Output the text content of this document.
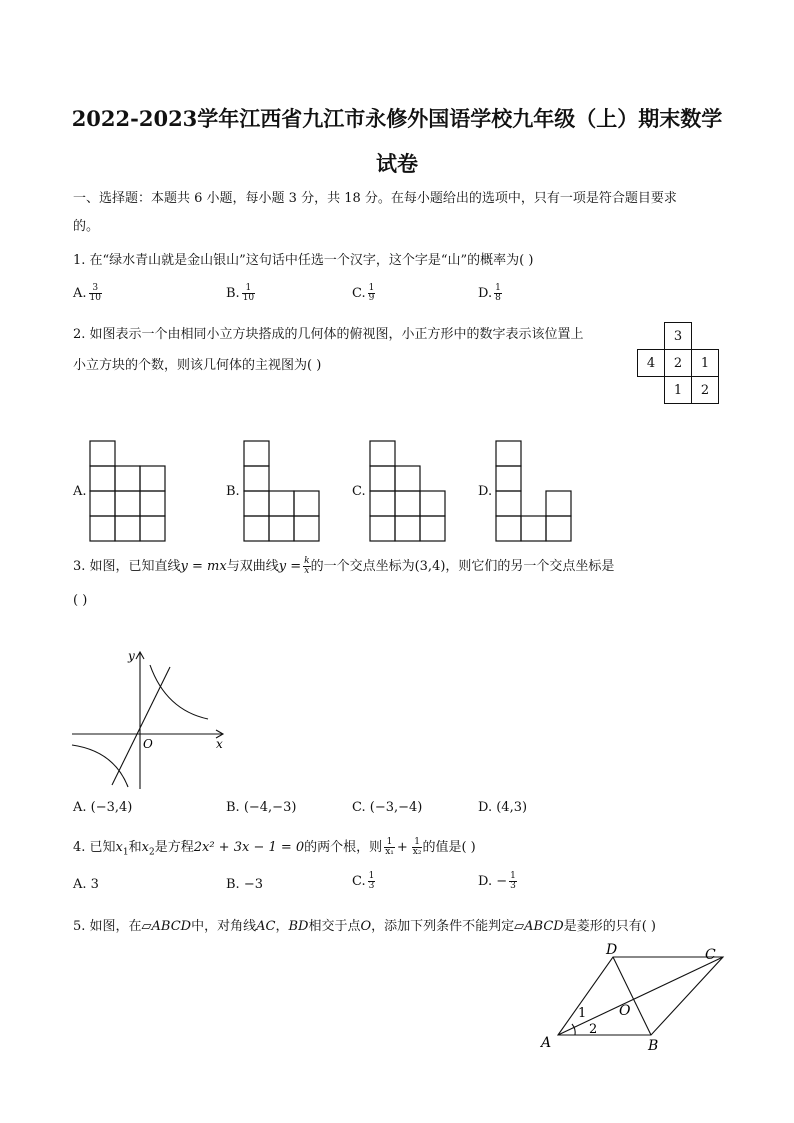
2022-2023学年江西省九江市永修外国语学校九年级（上）期末数学
试卷
一、选择题：本题共 6 小题，每小题 3 分，共 18 分。在每小题给出的选项中，只有一项是符合题目要求
的。
1. 在“绿水青山就是金山银山”这句话中任选一个汉字，这个字是“山”的概率为( )
A. $\frac{3}{10}$	B. $\frac{1}{10}$	C. $\frac{1}{9}$	D. $\frac{1}{8}$
2. 如图表示一个由相同小立方块搭成的几何体的俯视图，小正方形中的数字表示该位置上
小立方块的个数，则该几何体的主视图为( )
	3	
4	2	1
	1	2
A.	B.	C.	D.
3. 如图，已知直线y = mx与双曲线$y = \frac{k}{x}$ 的一个交点坐标为(3,4)，则它们的另一个交点坐标是
( )
y
x
O
A. (−3,4)	B. (−4,−3)	C. (−3,−4)	D. (4,3)
4. 已知$x_1$和$x_2$是方程2x² + 3x − 1 = 0的两个根，则 $\frac{1}{\text{x₁}} + \frac{1}{\text{x₂}}$ 的值是( )
A. 3	B. −3	C. $\frac{1}{3}$	D. − $\frac{1}{3}$
5. 如图，在▱ABCD中，对角线AC，BD相交于点O，添加下列条件不能判定▱ABCD是菱形的只有( )
D	C
A	B
O
1
2
